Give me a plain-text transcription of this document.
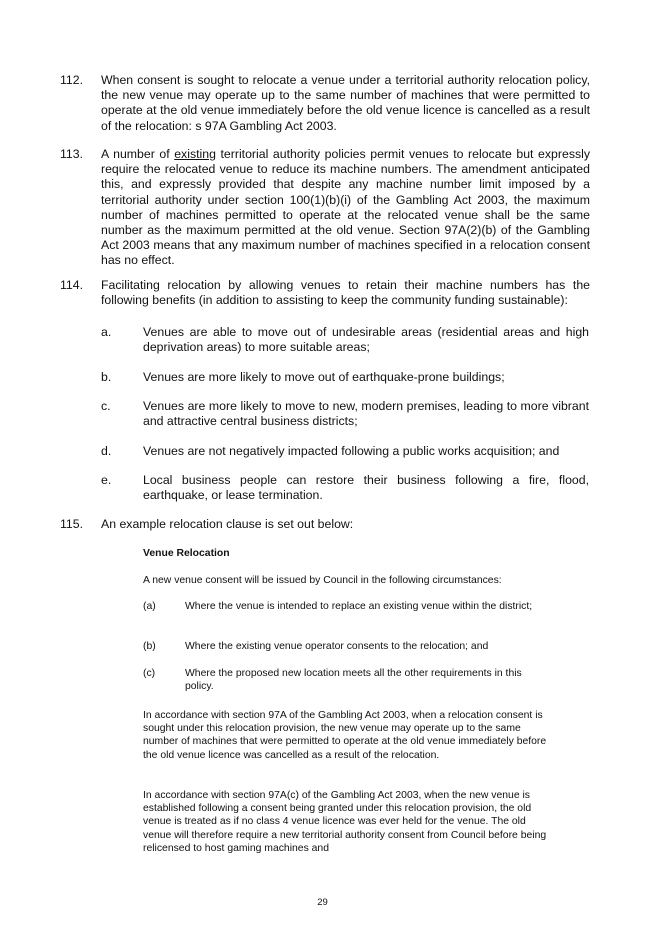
112. When consent is sought to relocate a venue under a territorial authority relocation policy, the new venue may operate up to the same number of machines that were permitted to operate at the old venue immediately before the old venue licence is cancelled as a result of the relocation: s 97A Gambling Act 2003.
113. A number of existing territorial authority policies permit venues to relocate but expressly require the relocated venue to reduce its machine numbers. The amendment anticipated this, and expressly provided that despite any machine number limit imposed by a territorial authority under section 100(1)(b)(i) of the Gambling Act 2003, the maximum number of machines permitted to operate at the relocated venue shall be the same number as the maximum permitted at the old venue. Section 97A(2)(b) of the Gambling Act 2003 means that any maximum number of machines specified in a relocation consent has no effect.
114. Facilitating relocation by allowing venues to retain their machine numbers has the following benefits (in addition to assisting to keep the community funding sustainable):
a.	Venues are able to move out of undesirable areas (residential areas and high deprivation areas) to more suitable areas;
b.	Venues are more likely to move out of earthquake-prone buildings;
c.	Venues are more likely to move to new, modern premises, leading to more vibrant and attractive central business districts;
d.	Venues are not negatively impacted following a public works acquisition; and
e.	Local business people can restore their business following a fire, flood, earthquake, or lease termination.
115. An example relocation clause is set out below:
Venue Relocation
A new venue consent will be issued by Council in the following circumstances:
(a)	Where the venue is intended to replace an existing venue within the district;
(b)	Where the existing venue operator consents to the relocation; and
(c)	Where the proposed new location meets all the other requirements in this policy.
In accordance with section 97A of the Gambling Act 2003, when a relocation consent is sought under this relocation provision, the new venue may operate up to the same number of machines that were permitted to operate at the old venue immediately before the old venue licence was cancelled as a result of the relocation.
In accordance with section 97A(c) of the Gambling Act 2003, when the new venue is established following a consent being granted under this relocation provision, the old venue is treated as if no class 4 venue licence was ever held for the venue. The old venue will therefore require a new territorial authority consent from Council before being relicensed to host gaming machines and
29
